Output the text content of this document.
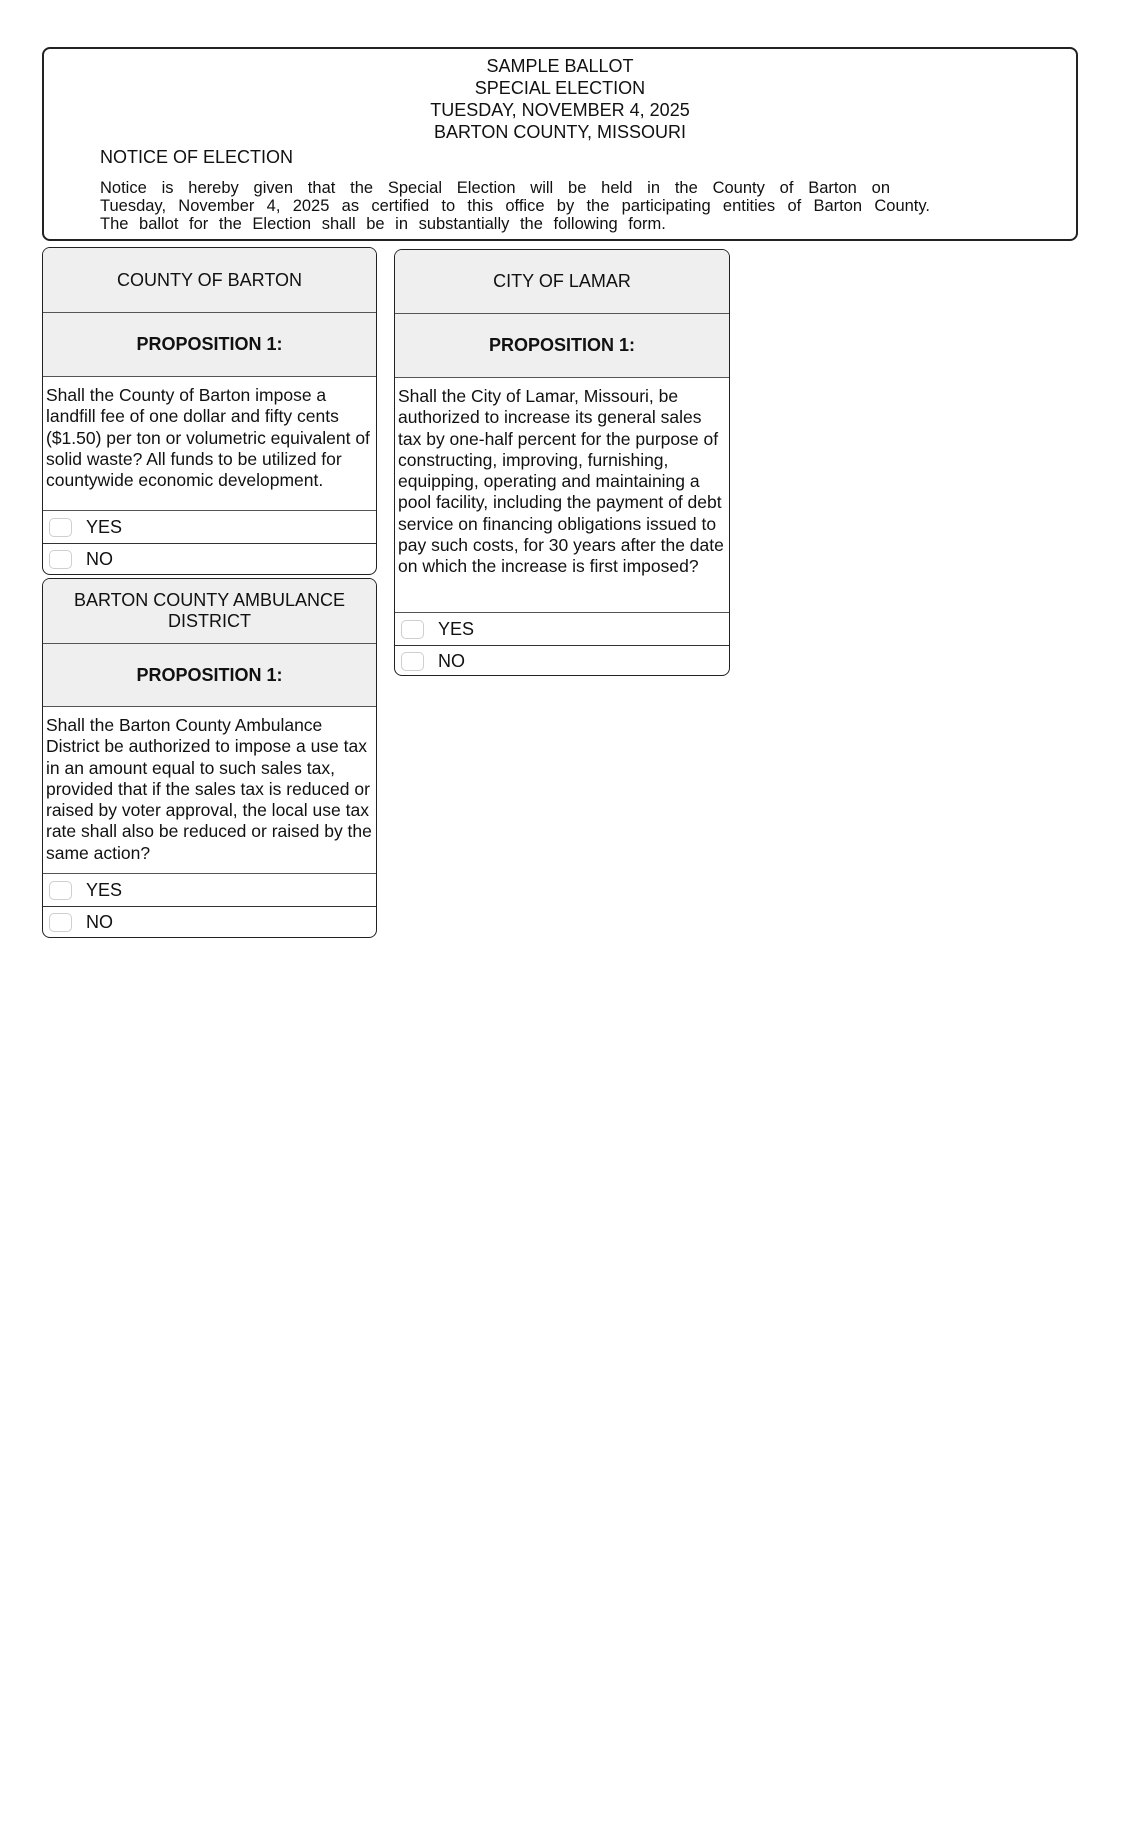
SAMPLE BALLOT
SPECIAL ELECTION
TUESDAY, NOVEMBER 4, 2025
BARTON COUNTY, MISSOURI
NOTICE OF ELECTION
Notice is hereby given that the Special Election will be held in the County of Barton on
Tuesday, November 4, 2025 as certified to this office by the participating entities of Barton County.
The ballot for the Election shall be in substantially the following form.
COUNTY OF BARTON
PROPOSITION 1:
Shall the County of Barton impose a landfill fee of one dollar and fifty cents ($1.50) per ton or volumetric equivalent of solid waste? All funds to be utilized for countywide economic development.
YES
NO
BARTON COUNTY AMBULANCE DISTRICT
PROPOSITION 1:
Shall the Barton County Ambulance District be authorized to impose a use tax in an amount equal to such sales tax, provided that if the sales tax is reduced or raised by voter approval, the local use tax rate shall also be reduced or raised by the same action?
YES
NO
CITY OF LAMAR
PROPOSITION 1:
Shall the City of Lamar, Missouri, be authorized to increase its general sales tax by one-half percent for the purpose of constructing, improving, furnishing, equipping, operating and maintaining a pool facility, including the payment of debt service on financing obligations issued to pay such costs, for 30 years after the date on which the increase is first imposed?
YES
NO
